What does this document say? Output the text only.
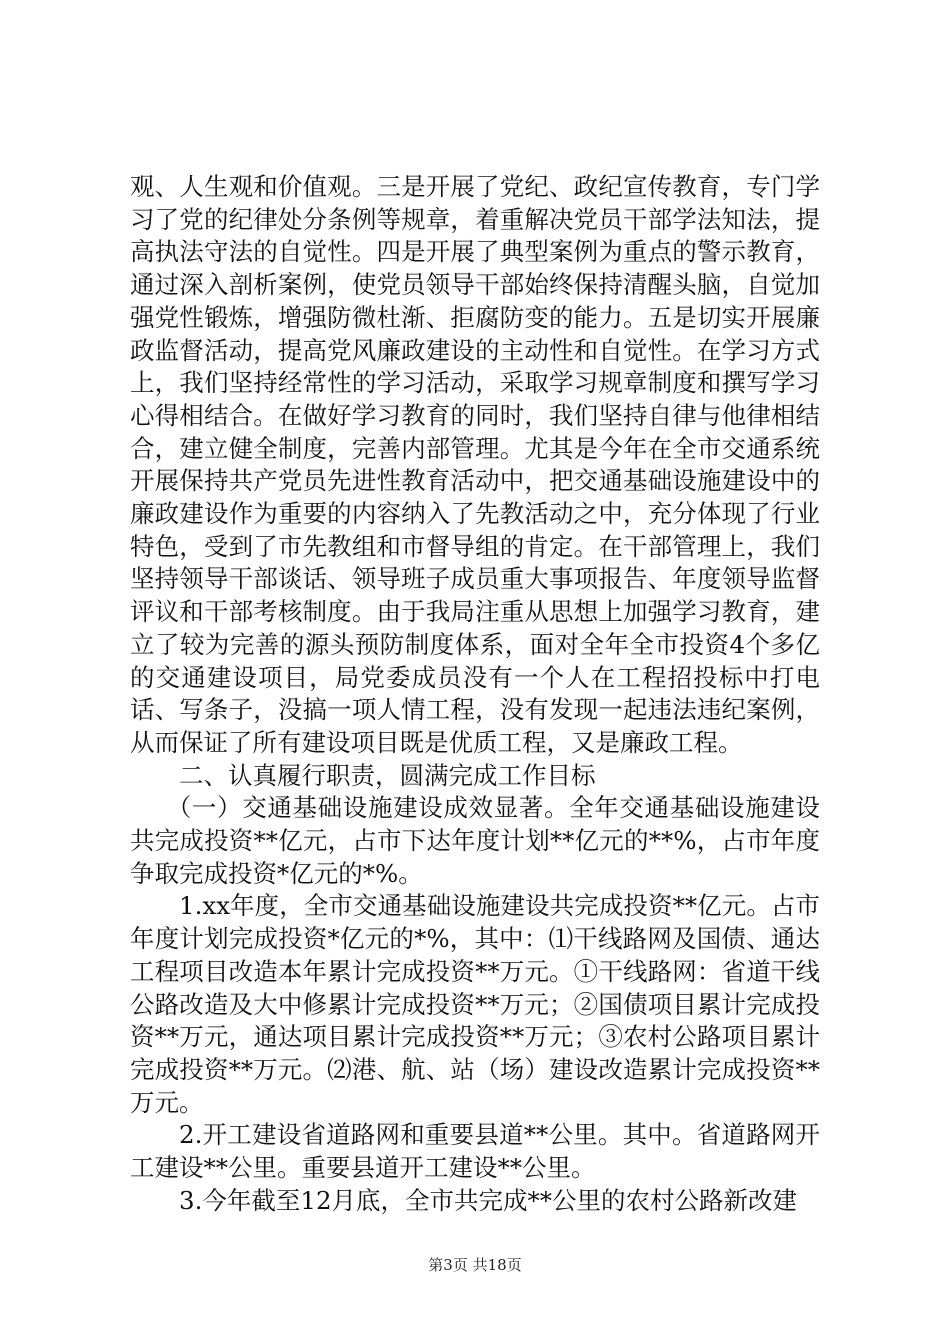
观、人生观和价值观。三是开展了党纪、政纪宣传教育，专门学习了党的纪律处分条例等规章，着重解决党员干部学法知法，提高执法守法的自觉性。四是开展了典型案例为重点的警示教育，通过深入剖析案例，使党员领导干部始终保持清醒头脑，自觉加强党性锻炼，增强防微杜渐、拒腐防变的能力。五是切实开展廉政监督活动，提高党风廉政建设的主动性和自觉性。在学习方式上，我们坚持经常性的学习活动，采取学习规章制度和撰写学习心得相结合。在做好学习教育的同时，我们坚持自律与他律相结合，建立健全制度，完善内部管理。尤其是今年在全市交通系统开展保持共产党员先进性教育活动中，把交通基础设施建设中的廉政建设作为重要的内容纳入了先教活动之中，充分体现了行业特色，受到了市先教组和市督导组的肯定。在干部管理上，我们坚持领导干部谈话、领导班子成员重大事项报告、年度领导监督评议和干部考核制度。由于我局注重从思想上加强学习教育，建立了较为完善的源头预防制度体系，面对全年全市投资4个多亿的交通建设项目，局党委成员没有一个人在工程招投标中打电话、写条子，没搞一项人情工程，没有发现一起违法违纪案例，从而保证了所有建设项目既是优质工程，又是廉政工程。

二、认真履行职责，圆满完成工作目标

（一）交通基础设施建设成效显著。全年交通基础设施建设共完成投资**亿元，占市下达年度计划**亿元的**%，占市年度争取完成投资*亿元的*%。

1.xx年度，全市交通基础设施建设共完成投资**亿元。占市年度计划完成投资*亿元的*%，其中：⑴干线路网及国债、通达工程项目改造本年累计完成投资**万元。①干线路网：省道干线公路改造及大中修累计完成投资**万元；②国债项目累计完成投资**万元，通达项目累计完成投资**万元；③农村公路项目累计完成投资**万元。⑵港、航、站（场）建设改造累计完成投资**万元。

2.开工建设省道路网和重要县道**公里。其中。省道路网开工建设**公里。重要县道开工建设**公里。

3.今年截至12月底，全市共完成**公里的农村公路新改建

第3页 共18页
